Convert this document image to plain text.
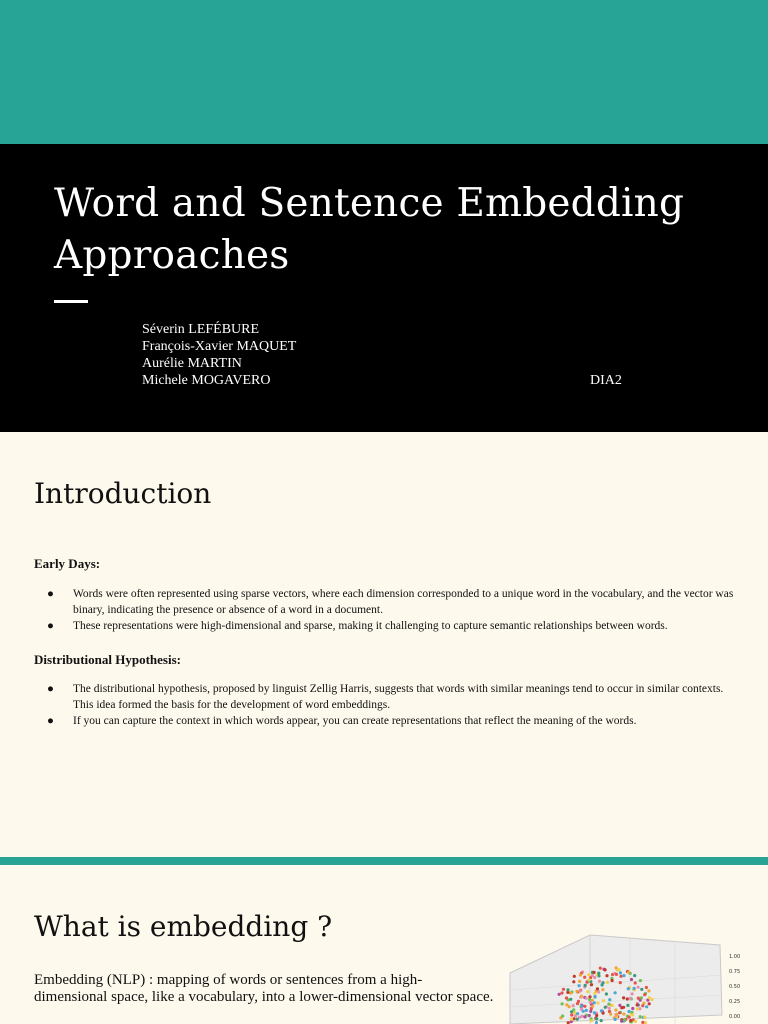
Word and Sentence Embedding Approaches
Séverin LEFÉBURE
François-Xavier MAQUET
Aurélie MARTIN
Michele MOGAVERO	DIA2
Introduction
Early Days:
● Words were often represented using sparse vectors, where each dimension corresponded to a unique word in the vocabulary, and the vector was binary, indicating the presence or absence of a word in a document.
● These representations were high-dimensional and sparse, making it challenging to capture semantic relationships between words.
Distributional Hypothesis:
● The distributional hypothesis, proposed by linguist Zellig Harris, suggests that words with similar meanings tend to occur in similar contexts. This idea formed the basis for the development of word embeddings.
● If you can capture the context in which words appear, you can create representations that reflect the meaning of the words.
What is embedding ?
Embedding (NLP) : mapping of words or sentences from a high-dimensional space, like a vocabulary, into a lower-dimensional vector space.
1.00
0.75
0.50
0.25
0.00
